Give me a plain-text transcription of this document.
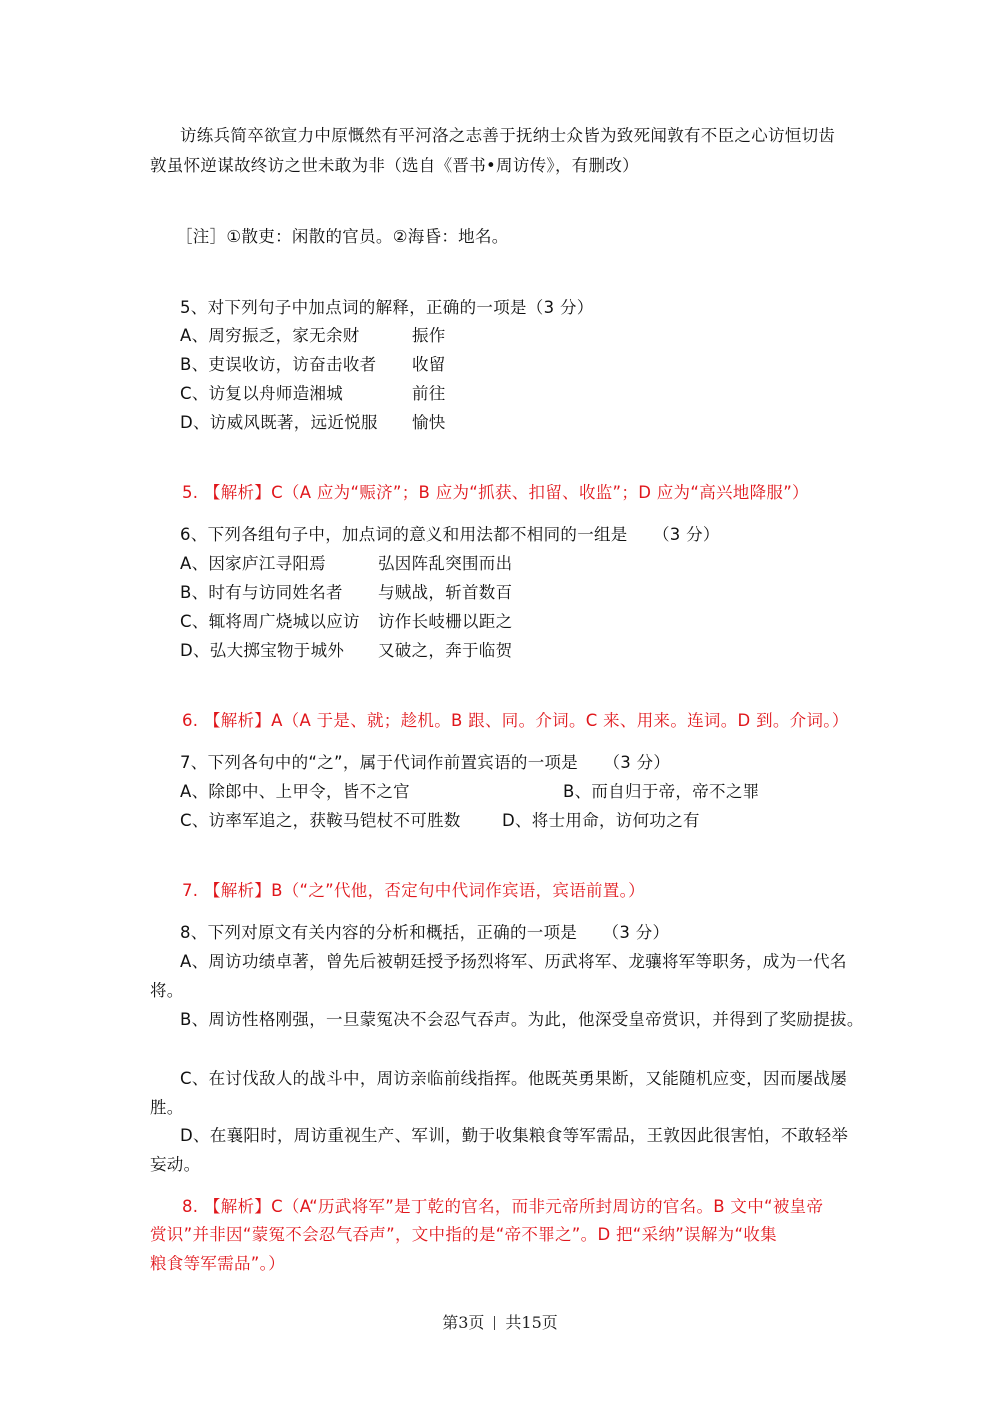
访练兵简卒欲宣力中原慨然有平河洛之志善于抚纳士众皆为致死闻敦有不臣之心访恒切齿
敦虽怀逆谋故终访之世未敢为非（选自《晋书•周访传》，有删改）
［注］①散吏：闲散的官员。②海昏：地名。
5、对下列句子中加点词的解释，正确的一项是（3 分）
A、周穷振乏，家无余财	振作
B、吏误收访，访奋击收者 收留
C、访复以舟师造湘城	前往
D、访威风既著，远近悦服 愉快
5. 【解析】C（A 应为“赈济”；B 应为“抓获、扣留、收监”；D 应为“高兴地降服”）
6、下列各组句子中，加点词的意义和用法都不相同的一组是　　（3 分）
A、因家庐江寻阳焉	弘因阵乱突围而出
B、时有与访同姓名者 与贼战，斩首数百
C、辄将周广烧城以应访 访作长岐栅以距之
D、弘大掷宝物于城外 又破之，奔于临贺
6. 【解析】A（A 于是、就；趁机。B 跟、同。介词。C 来、用来。连词。D 到。介词。）
7、下列各句中的“之”，属于代词作前置宾语的一项是　　（3 分）
A、除郎中、上甲令，皆不之官	B、而自归于帝，帝不之罪
C、访率军追之，获鞍马铠杖不可胜数	D、将士用命，访何功之有
7. 【解析】B（“之”代他，否定句中代词作宾语，宾语前置。）
8、下列对原文有关内容的分析和概括，正确的一项是　　（3 分）
A、周访功绩卓著，曾先后被朝廷授予扬烈将军、历武将军、龙骧将军等职务，成为一代名
将。
B、周访性格刚强，一旦蒙冤决不会忍气吞声。为此，他深受皇帝赏识，并得到了奖励提拔。
C、在讨伐敌人的战斗中，周访亲临前线指挥。他既英勇果断，又能随机应变，因而屡战屡
胜。
D、在襄阳时，周访重视生产、军训，勤于收集粮食等军需品，王敦因此很害怕，不敢轻举
妄动。
8. 【解析】C（A“历武将军”是丁乾的官名，而非元帝所封周访的官名。B 文中“被皇帝
赏识”并非因“蒙冤不会忍气吞声”，文中指的是“帝不罪之”。D 把“采纳”误解为“收集
粮食等军需品”。）
第3页 共15页
